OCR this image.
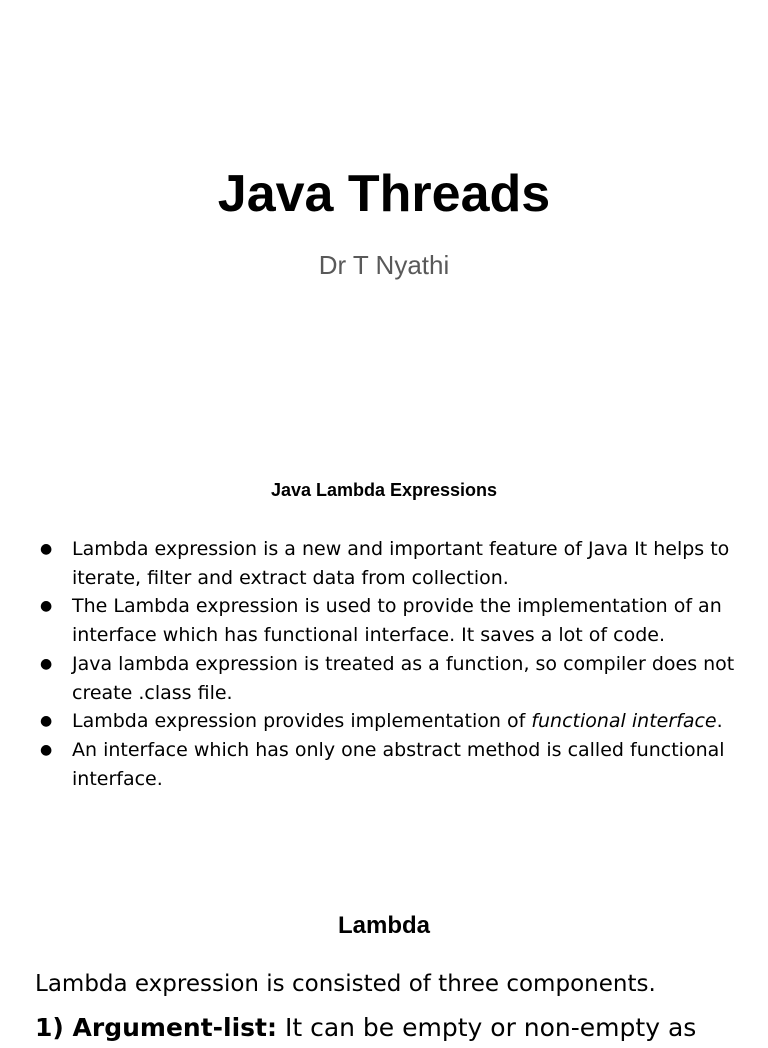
Java Threads

Dr T Nyathi

Java Lambda Expressions
● Lambda expression is a new and important feature of Java It helps to iterate, filter and extract data from collection.
● The Lambda expression is used to provide the implementation of an interface which has functional interface. It saves a lot of code.
● Java lambda expression is treated as a function, so compiler does not create .class file.
● Lambda expression provides implementation of functional interface.
● An interface which has only one abstract method is called functional interface.
Lambda

Lambda expression is consisted of three components.

1) Argument-list: It can be empty or non-empty as
